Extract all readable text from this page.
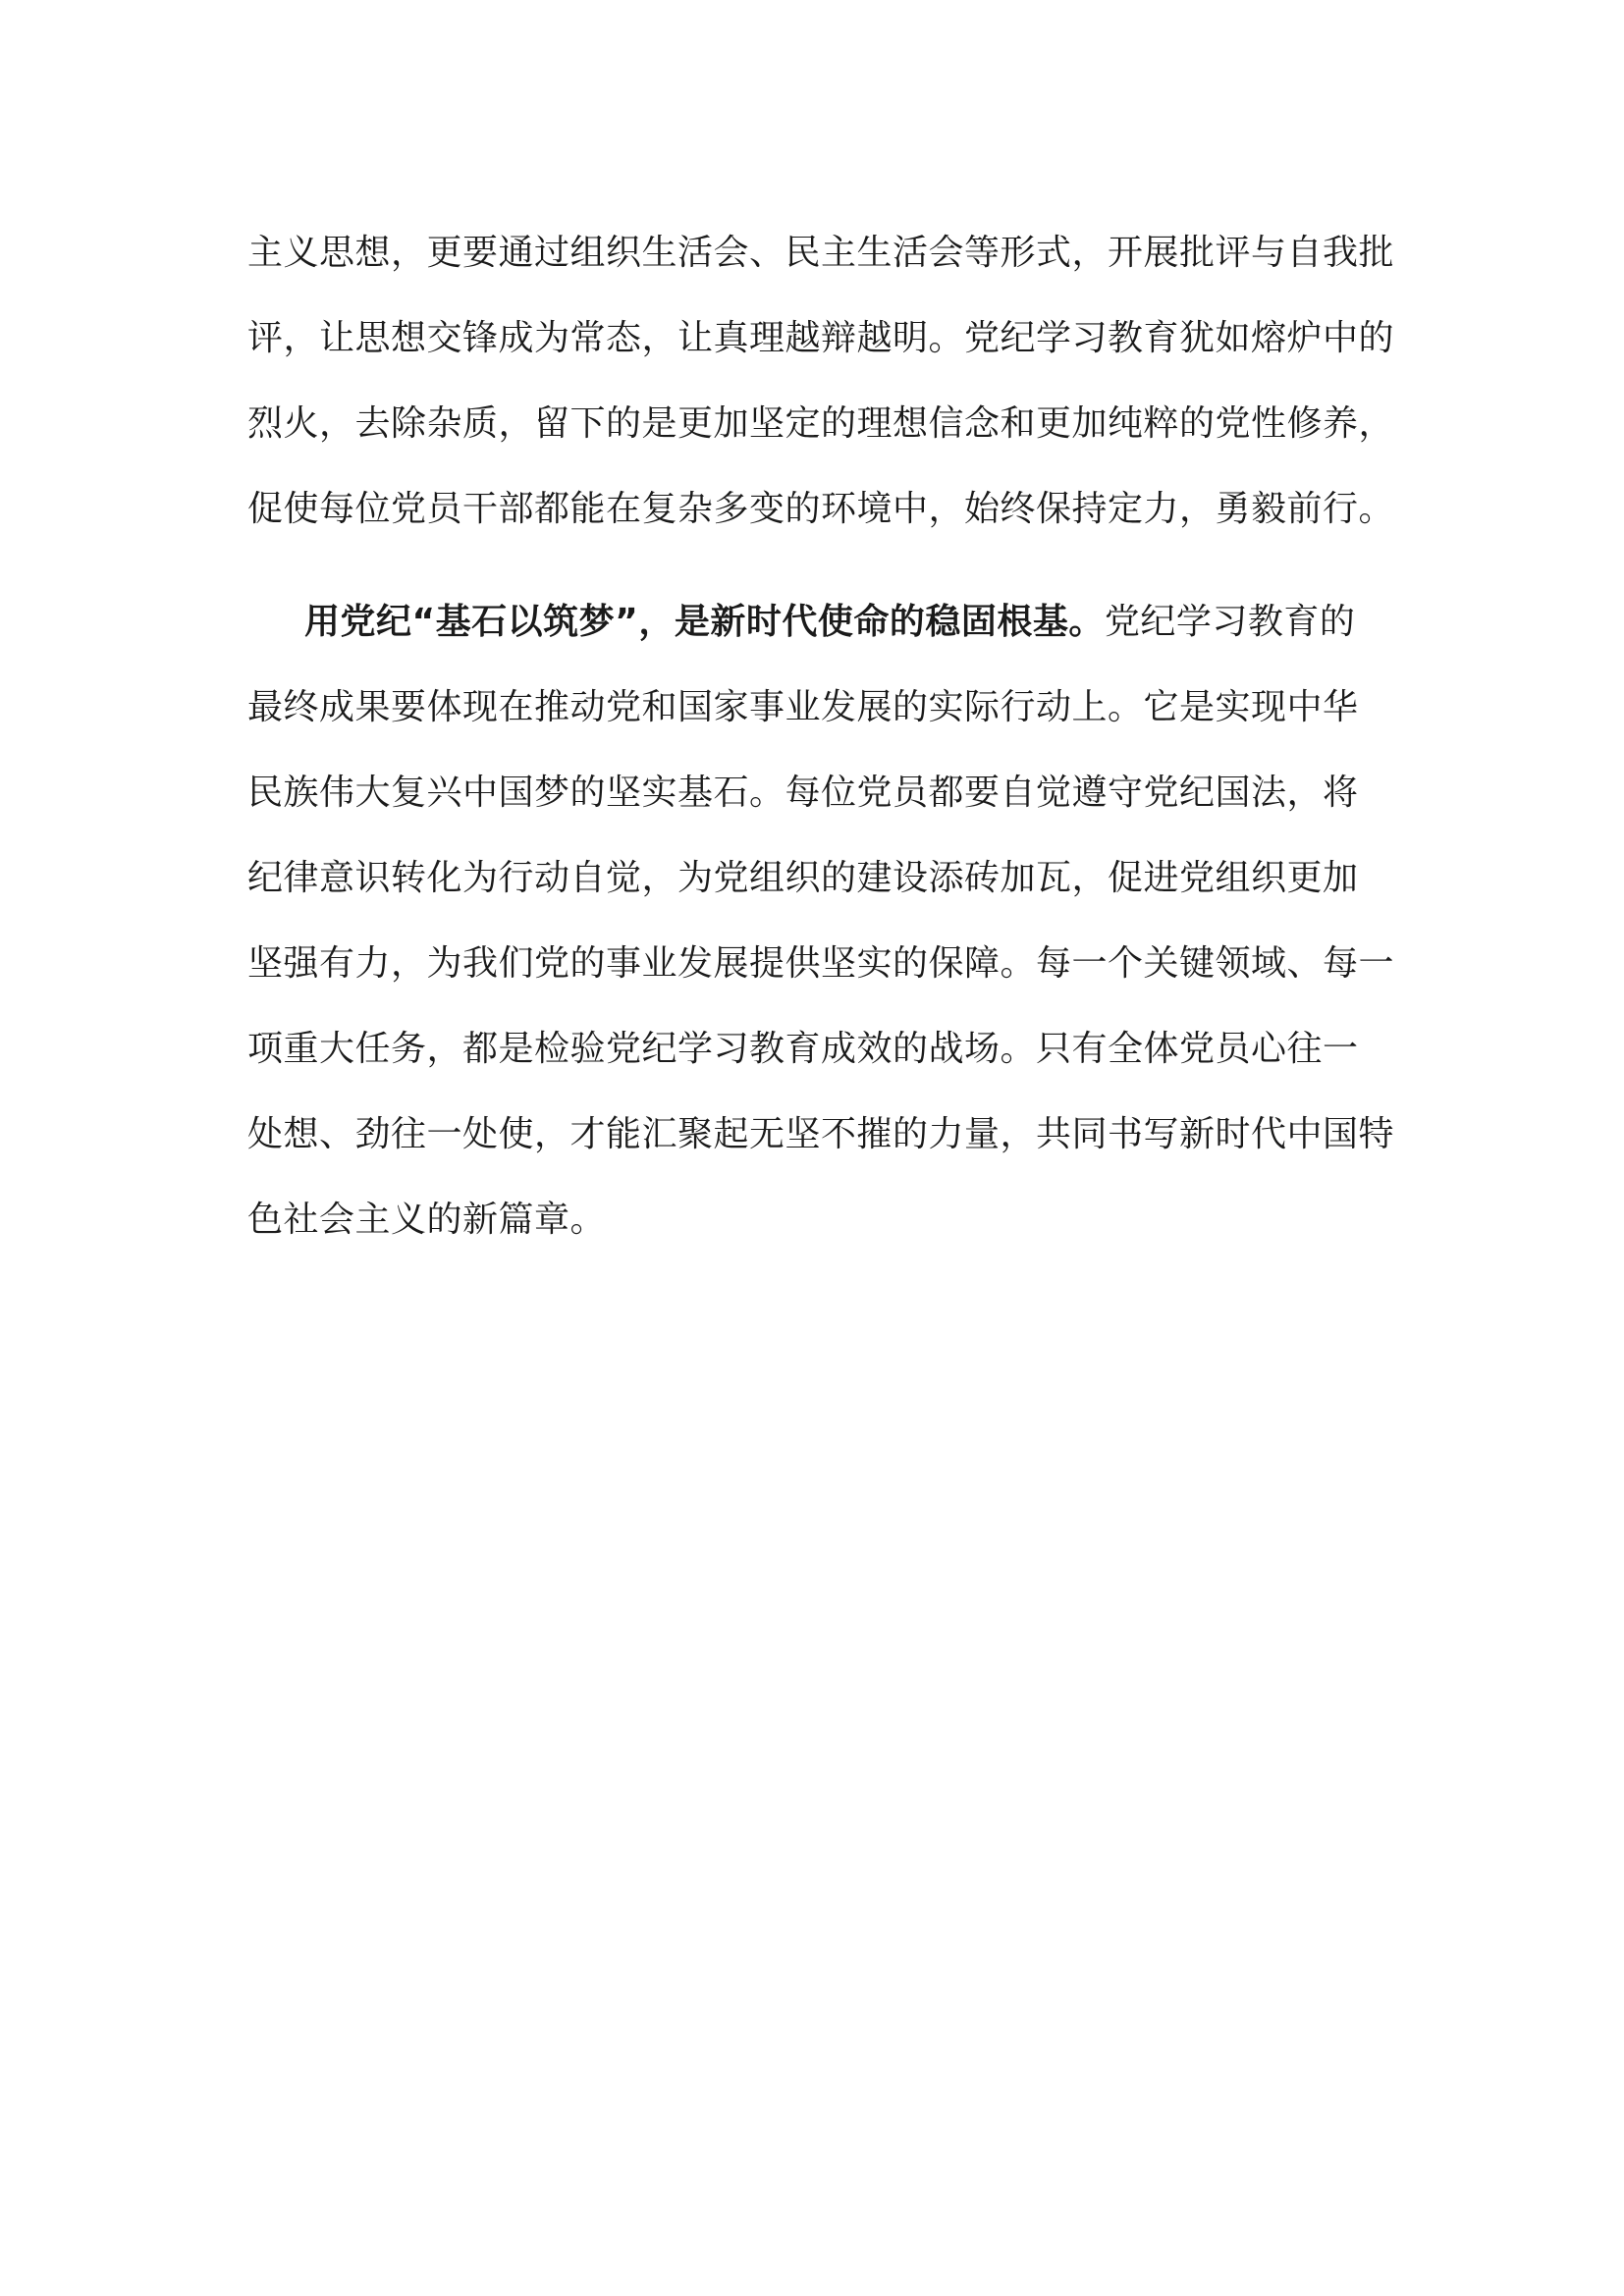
主义思想，更要通过组织生活会、民主生活会等形式，开展批评与自我批
评，让思想交锋成为常态，让真理越辩越明。党纪学习教育犹如熔炉中的
烈火，去除杂质，留下的是更加坚定的理想信念和更加纯粹的党性修养，
促使每位党员干部都能在复杂多变的环境中，始终保持定力，勇毅前行。
用党纪“基石以筑梦”，是新时代使命的稳固根基。党纪学习教育的
最终成果要体现在推动党和国家事业发展的实际行动上。它是实现中华
民族伟大复兴中国梦的坚实基石。每位党员都要自觉遵守党纪国法，将
纪律意识转化为行动自觉，为党组织的建设添砖加瓦，促进党组织更加
坚强有力，为我们党的事业发展提供坚实的保障。每一个关键领域、每一
项重大任务，都是检验党纪学习教育成效的战场。只有全体党员心往一
处想、劲往一处使，才能汇聚起无坚不摧的力量，共同书写新时代中国特
色社会主义的新篇章。
